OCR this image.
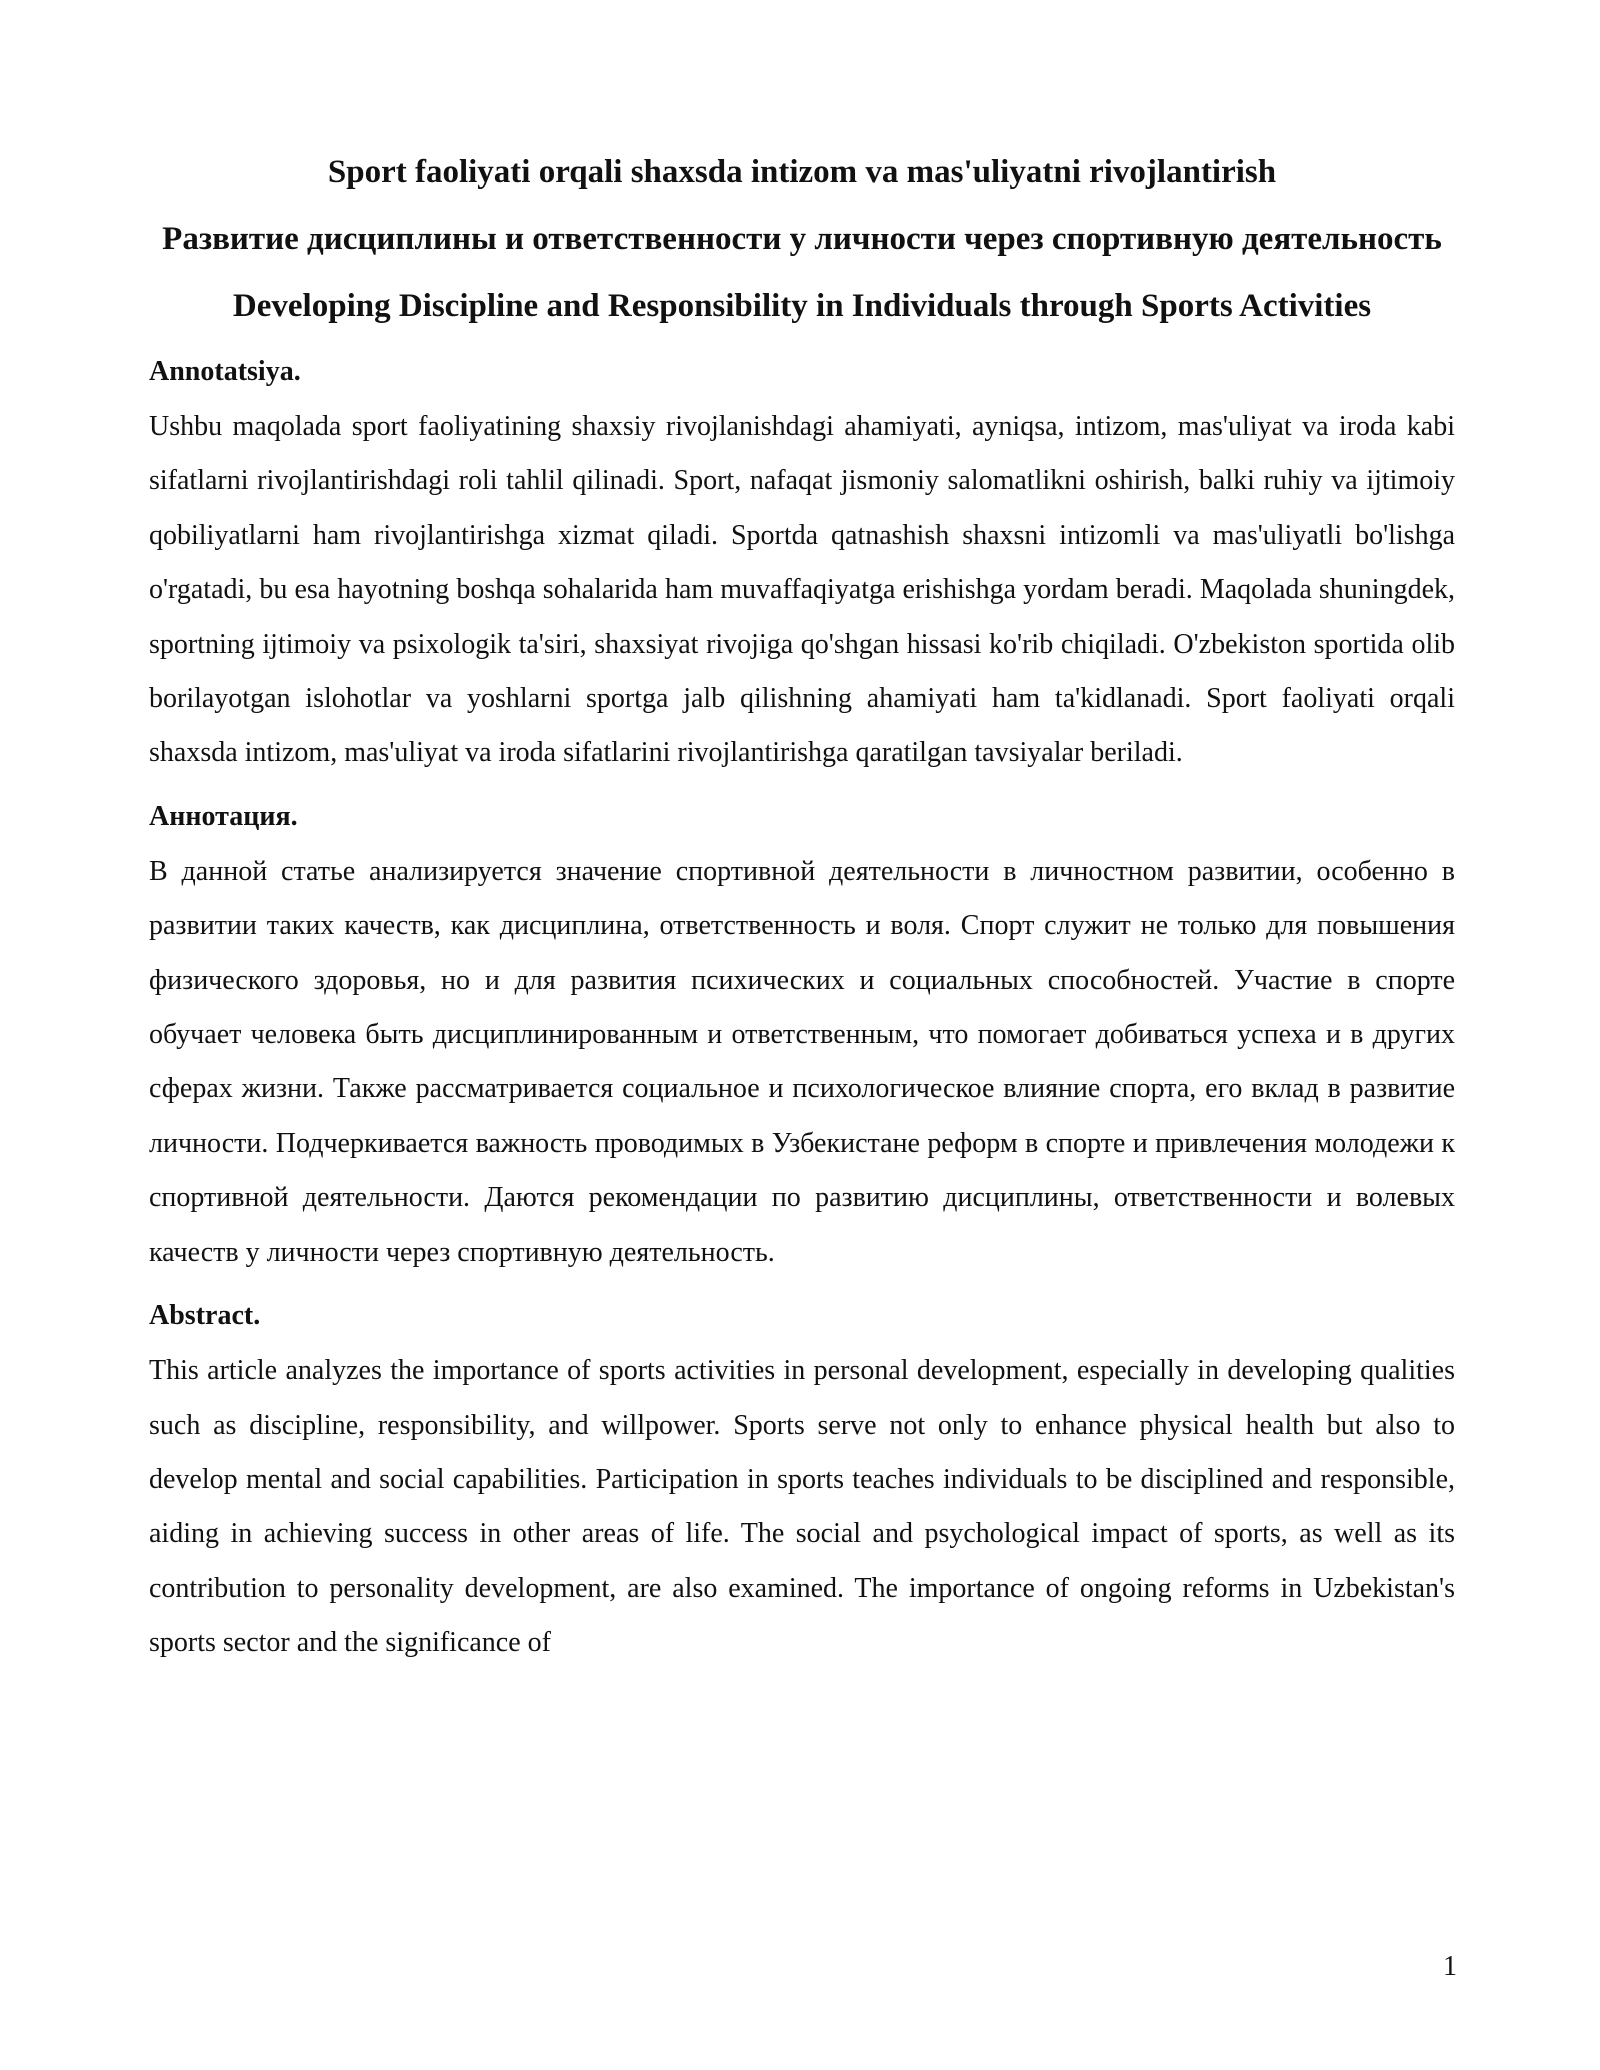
Sport faoliyati orqali shaxsda intizom va mas'uliyatni rivojlantirish
Развитие дисциплины и ответственности у личности через спортивную деятельность
Developing Discipline and Responsibility in Individuals through Sports Activities
Annotatsiya.

Ushbu maqolada sport faoliyatining shaxsiy rivojlanishdagi ahamiyati, ayniqsa, intizom, mas'uliyat va iroda kabi sifatlarni rivojlantirishdagi roli tahlil qilinadi. Sport, nafaqat jismoniy salomatlikni oshirish, balki ruhiy va ijtimoiy qobiliyatlarni ham rivojlantirishga xizmat qiladi. Sportda qatnashish shaxsni intizomli va mas'uliyatli bo'lishga o'rgatadi, bu esa hayotning boshqa sohalarida ham muvaffaqiyatga erishishga yordam beradi. Maqolada shuningdek, sportning ijtimoiy va psixologik ta'siri, shaxsiyat rivojiga qo'shgan hissasi ko'rib chiqiladi. O'zbekiston sportida olib borilayotgan islohotlar va yoshlarni sportga jalb qilishning ahamiyati ham ta'kidlanadi. Sport faoliyati orqali shaxsda intizom, mas'uliyat va iroda sifatlarini rivojlantirishga qaratilgan tavsiyalar beriladi.

Аннотация.

В данной статье анализируется значение спортивной деятельности в личностном развитии, особенно в развитии таких качеств, как дисциплина, ответственность и воля. Спорт служит не только для повышения физического здоровья, но и для развития психических и социальных способностей. Участие в спорте обучает человека быть дисциплинированным и ответственным, что помогает добиваться успеха и в других сферах жизни. Также рассматривается социальное и психологическое влияние спорта, его вклад в развитие личности. Подчеркивается важность проводимых в Узбекистане реформ в спорте и привлечения молодежи к спортивной деятельности. Даются рекомендации по развитию дисциплины, ответственности и волевых качеств у личности через спортивную деятельность.

Abstract.

This article analyzes the importance of sports activities in personal development, especially in developing qualities such as discipline, responsibility, and willpower. Sports serve not only to enhance physical health but also to develop mental and social capabilities. Participation in sports teaches individuals to be disciplined and responsible, aiding in achieving success in other areas of life. The social and psychological impact of sports, as well as its contribution to personality development, are also examined. The importance of ongoing reforms in Uzbekistan's sports sector and the significance of

1
